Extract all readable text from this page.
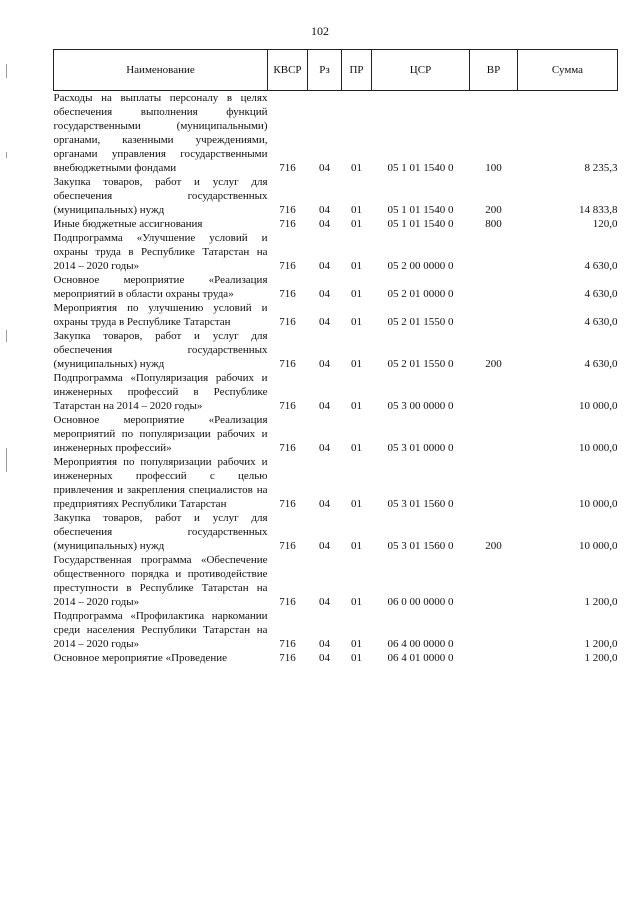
102
Наименование	КВСР	Рз	ПР	ЦСР	ВР	Сумма
Расходы на выплаты персоналу в целях обеспечения выполнения функций государственными (муниципальными) органами, казенными учреждениями, органами управления государственными внебюджетными фондами	716	04	01	05 1 01 1540 0	100	8 235,3
Закупка товаров, работ и услуг для обеспечения государственных (муниципальных) нужд	716	04	01	05 1 01 1540 0	200	14 833,8
Иные бюджетные ассигнования	716	04	01	05 1 01 1540 0	800	120,0
Подпрограмма «Улучшение условий и охраны труда в Республике Татарстан на 2014 – 2020 годы»	716	04	01	05 2 00 0000 0		4 630,0
Основное мероприятие «Реализация мероприятий в области охраны труда»	716	04	01	05 2 01 0000 0		4 630,0
Мероприятия по улучшению условий и охраны труда в Республике Татарстан	716	04	01	05 2 01 1550 0		4 630,0
Закупка товаров, работ и услуг для обеспечения государственных (муниципальных) нужд	716	04	01	05 2 01 1550 0	200	4 630,0
Подпрограмма «Популяризация рабочих и инженерных профессий в Республике Татарстан на 2014 – 2020 годы»	716	04	01	05 3 00 0000 0		10 000,0
Основное мероприятие «Реализация мероприятий по популяризации рабочих и инженерных профессий»	716	04	01	05 3 01 0000 0		10 000,0
Мероприятия по популяризации рабочих и инженерных профессий с целью привлечения и закрепления специалистов на предприятиях Республики Татарстан	716	04	01	05 3 01 1560 0		10 000,0
Закупка товаров, работ и услуг для обеспечения государственных (муниципальных) нужд	716	04	01	05 3 01 1560 0	200	10 000,0
Государственная программа «Обеспечение общественного порядка и противодействие преступности в Республике Татарстан на 2014 – 2020 годы»	716	04	01	06 0 00 0000 0		1 200,0
Подпрограмма «Профилактика наркомании среди населения Республики Татарстан на 2014 – 2020 годы»	716	04	01	06 4 00 0000 0		1 200,0
Основное мероприятие «Проведение	716	04	01	06 4 01 0000 0		1 200,0
